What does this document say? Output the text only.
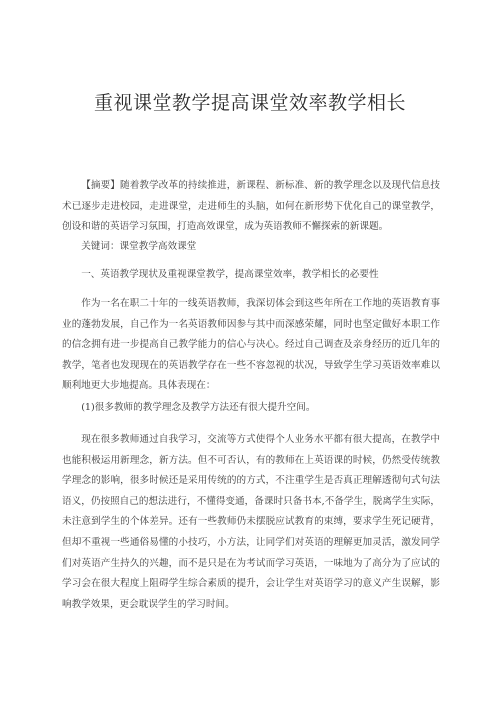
重视课堂教学提高课堂效率教学相长

【摘要】随着教学改革的持续推进，新课程、新标准、新的教学理念以及现代信息技术已逐步走进校园，走进课堂，走进师生的头脑，如何在新形势下优化自己的课堂教学，创设和谐的英语学习氛围，打造高效课堂，成为英语教师不懈探索的新课题。

关键词：课堂教学高效课堂

一、英语教学现状及重视课堂教学，提高课堂效率，教学相长的必要性

作为一名在职二十年的一线英语教师，我深切体会到这些年所在工作地的英语教育事业的蓬勃发展，自己作为一名英语教师因参与其中而深感荣耀，同时也坚定做好本职工作的信念拥有进一步提高自己教学能力的信心与决心。经过自己调查及亲身经历的近几年的教学，笔者也发现现在的英语教学存在一些不容忽视的状况，导致学生学习英语效率难以顺利地更大步地提高。具体表现在：

(1)很多教师的教学理念及教学方法还有很大提升空间。

现在很多教师通过自我学习，交流等方式使得个人业务水平都有很大提高，在教学中也能积极运用新理念，新方法。但不可否认，有的教师在上英语课的时候，仍然受传统教学理念的影响，很多时候还是采用传统的的方式，不注重学生是否真正理解透彻句式句法语义，仍按照自己的想法进行，不懂得变通，备课时只备书本,不备学生，脱离学生实际，未注意到学生的个体差异。还有一些教师仍未摆脱应试教育的束缚，要求学生死记硬背，但却不重视一些通俗易懂的小技巧，小方法，让同学们对英语的理解更加灵活，激发同学们对英语产生持久的兴趣，而不是只是在为考试而学习英语，一味地为了高分为了应试的学习会在很大程度上阻碍学生综合素质的提升，会让学生对英语学习的意义产生误解，影响教学效果，更会耽误学生的学习时间。
